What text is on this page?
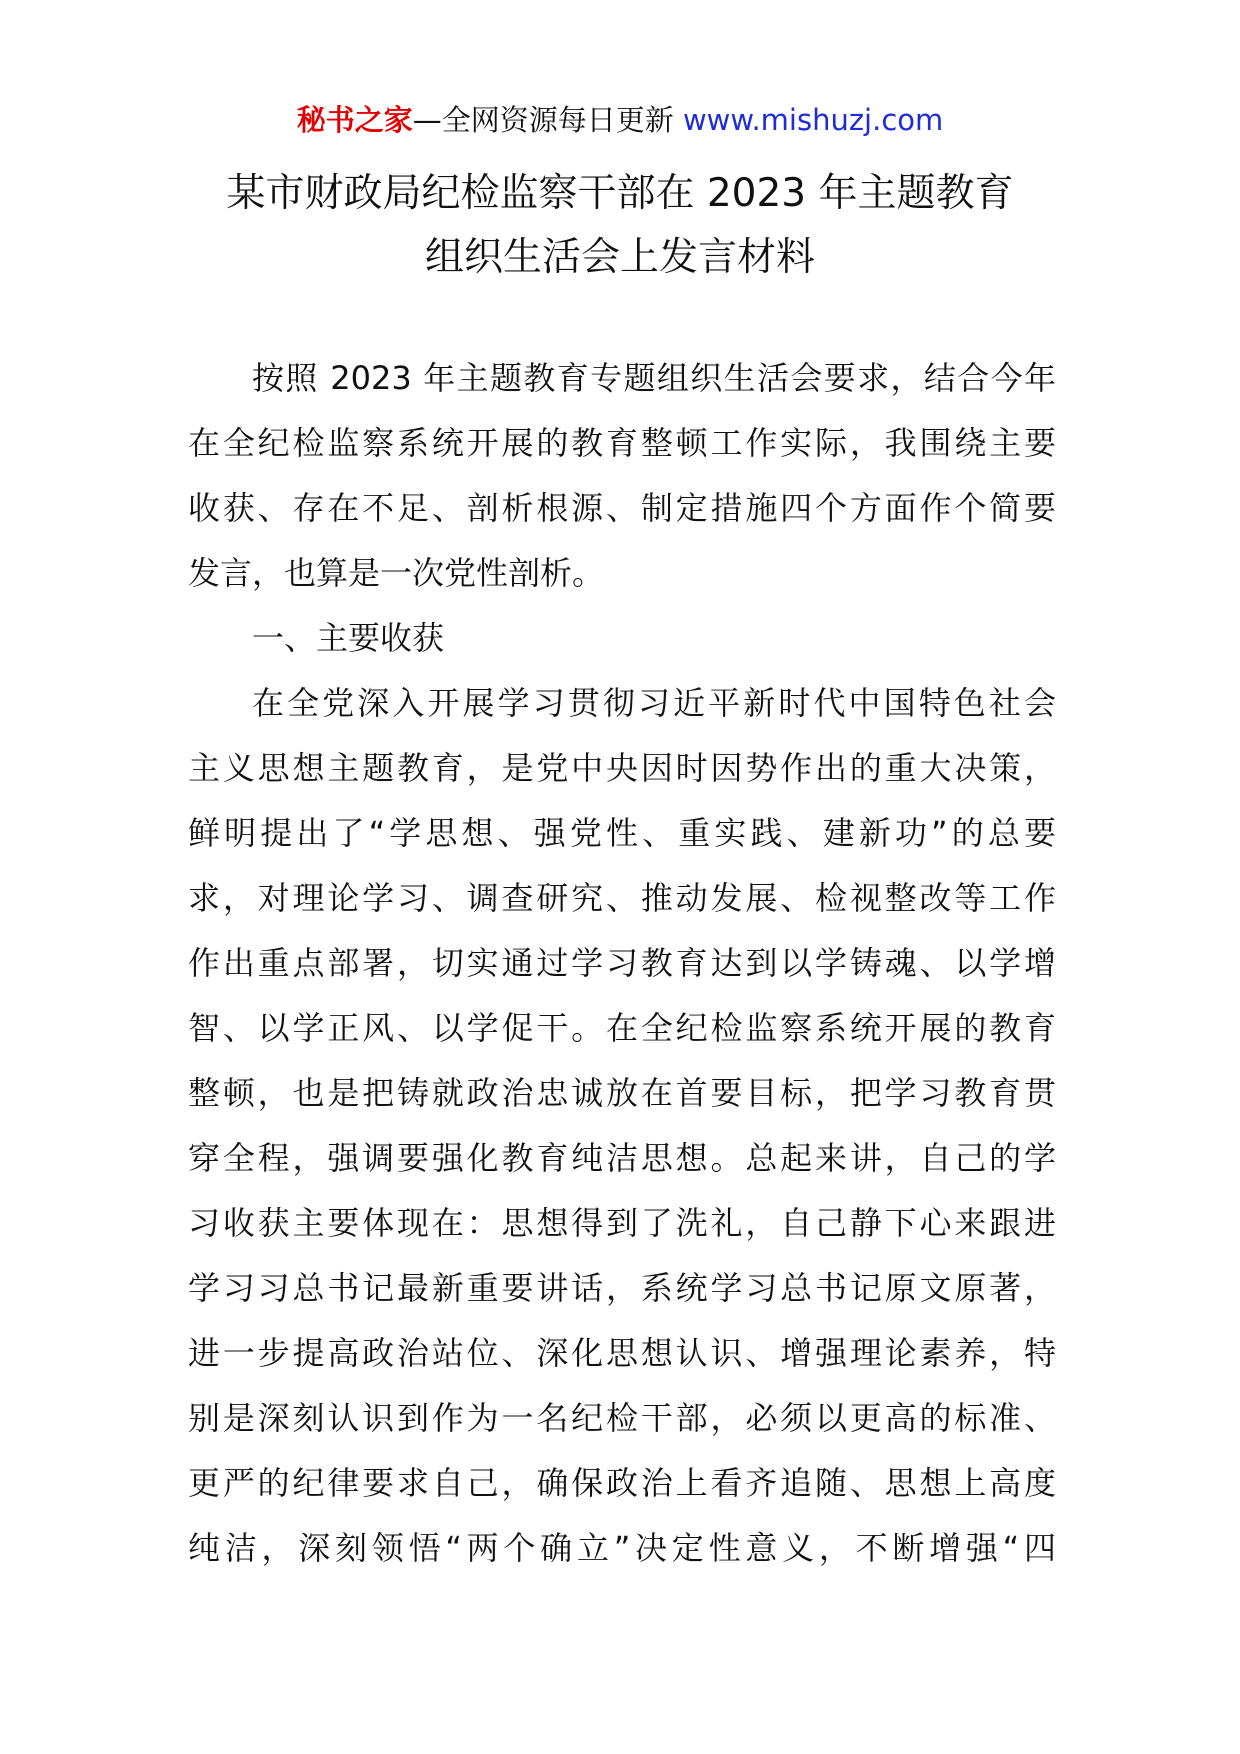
秘书之家—全网资源每日更新 www.mishuzj.com
某市财政局纪检监察干部在 2023 年主题教育
组织生活会上发言材料
按照 2023 年主题教育专题组织生活会要求，结合今年
在全纪检监察系统开展的教育整顿工作实际，我围绕主要
收获、存在不足、剖析根源、制定措施四个方面作个简要
发言，也算是一次党性剖析。
一、主要收获
在全党深入开展学习贯彻习近平新时代中国特色社会
主义思想主题教育，是党中央因时因势作出的重大决策，
鲜明提出了“学思想、强党性、重实践、建新功”的总要
求，对理论学习、调查研究、推动发展、检视整改等工作
作出重点部署，切实通过学习教育达到以学铸魂、以学增
智、以学正风、以学促干。在全纪检监察系统开展的教育
整顿，也是把铸就政治忠诚放在首要目标，把学习教育贯
穿全程，强调要强化教育纯洁思想。总起来讲，自己的学
习收获主要体现在：思想得到了洗礼，自己静下心来跟进
学习习总书记最新重要讲话，系统学习总书记原文原著，
进一步提高政治站位、深化思想认识、增强理论素养，特
别是深刻认识到作为一名纪检干部，必须以更高的标准、
更严的纪律要求自己，确保政治上看齐追随、思想上高度
纯洁，深刻领悟“两个确立”决定性意义，不断增强“四
